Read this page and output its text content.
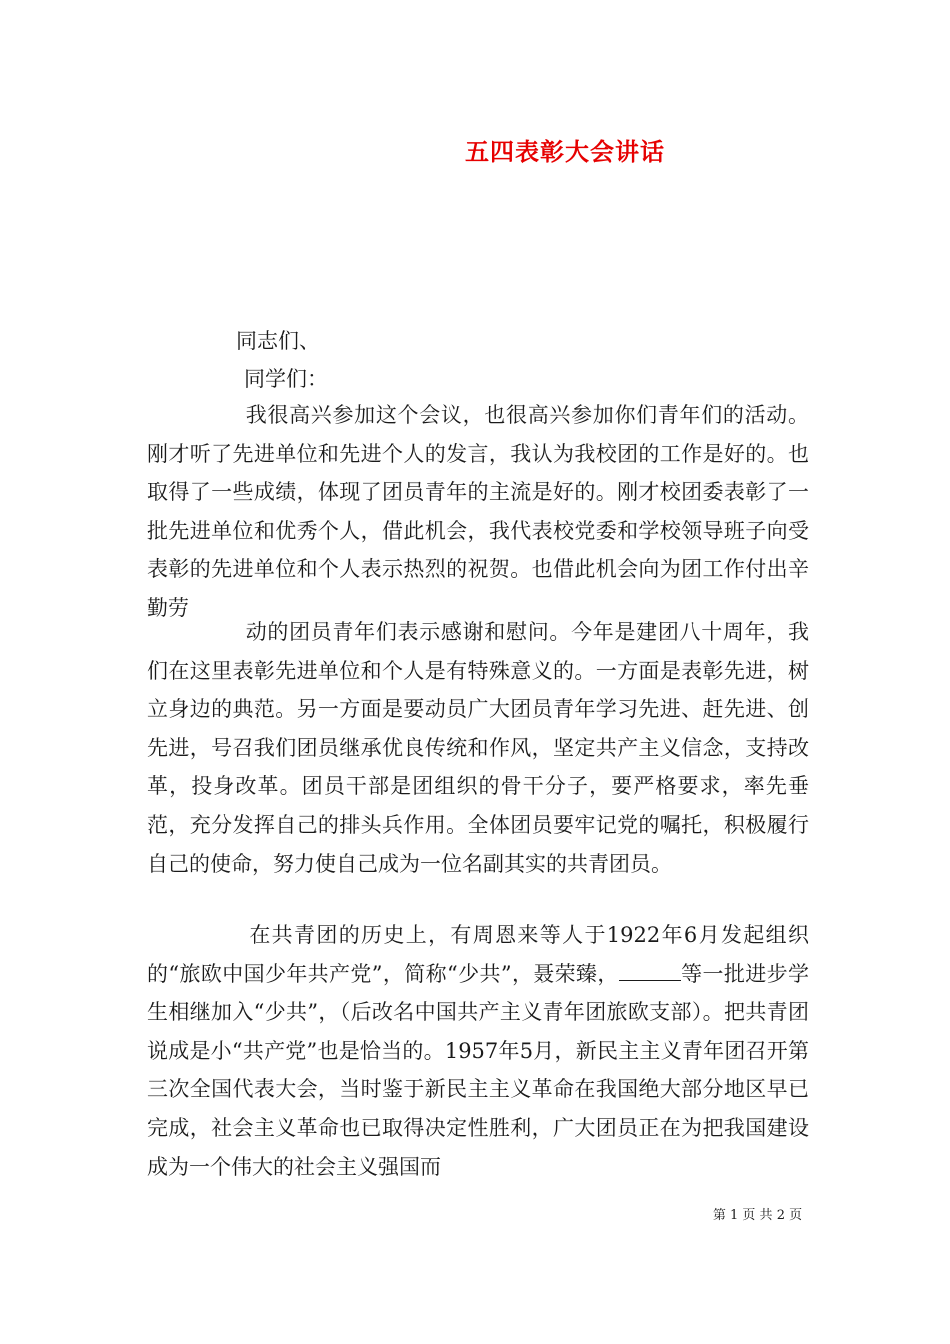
五四表彰大会讲话
同志们、
同学们：

我很高兴参加这个会议，也很高兴参加你们青年们的活动。刚才听了先进单位和先进个人的发言，我认为我校团的工作是好的。也取得了一些成绩，体现了团员青年的主流是好的。刚才校团委表彰了一批先进单位和优秀个人，借此机会，我代表校党委和学校领导班子向受表彰的先进单位和个人表示热烈的祝贺。也借此机会向为团工作付出辛勤劳

动的团员青年们表示感谢和慰问。今年是建团八十周年，我们在这里表彰先进单位和个人是有特殊意义的。一方面是表彰先进，树立身边的典范。另一方面是要动员广大团员青年学习先进、赶先进、创先进，号召我们团员继承优良传统和作风，坚定共产主义信念，支持改革，投身改革。团员干部是团组织的骨干分子，要严格要求，率先垂范，充分发挥自己的排头兵作用。全体团员要牢记党的嘱托，积极履行自己的使命，努力使自己成为一位名副其实的共青团员。

在共青团的历史上，有周恩来等人于1922年6月发起组织的“旅欧中国少年共产党”，简称“少共”，聂荣臻，	等一批进步学生相继加入“少共”，（后改名中国共产主义青年团旅欧支部）。把共青团说成是小“共产党”也是恰当的。1957年5月，新民主主义青年团召开第三次全国代表大会，当时鉴于新民主主义革命在我国绝大部分地区早已完成，社会主义革命也已取得决定性胜利，广大团员正在为把我国建设成为一个伟大的社会主义强国而

第 1 页 共 2 页
